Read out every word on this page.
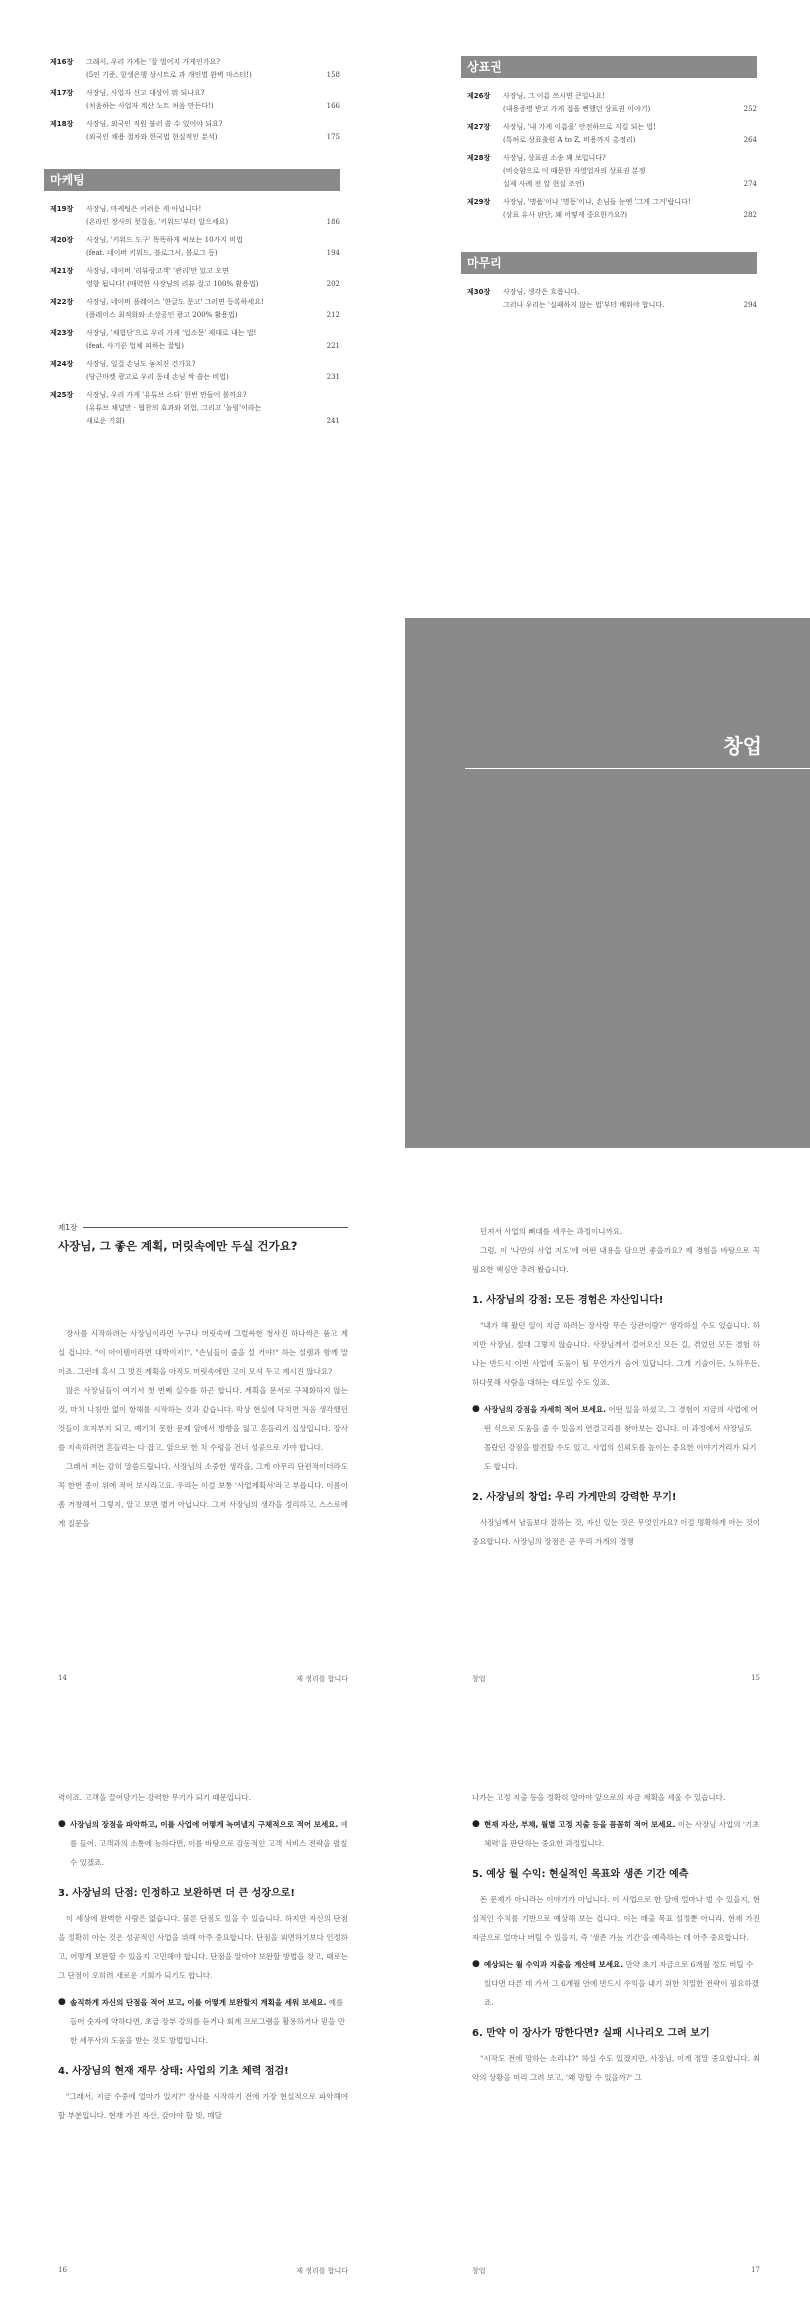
제16장	그래서, 우리 가게는 '잘 벌어지 가게인가요?
(5인 기준, 항생은행 상시트로 과 개인별 완벽 마스터!)	158
제17장	사장님, 사업자 신고 대상이 뭐 되나요?
(처음하는 사업자 계산 노트 처음 만든다!)	166
제18장	사장님, 외국인 직원 불러 쓸 수 있어야 되요?
(외국인 채용 절차와 한국법 현실적인 분석)	175
마케팅
제19장	사장님, 마케팅은 어려운 게 아닙니다!
(온라인 장사의 첫걸음, '키워드'부터 알으세요)	186
제20장	사장님, '키워드 도구' 똑똑하게 써보는 10가지 비법
(feat. 네이버 키워드, 블로그서, 블로그 등)	194
제21장	사장님, 네이버 '리뷰랑고객' '관리'만 있고 오면
영향 됩니다! (매력한 사장님의 리뷰 잘고 100% 활용법)	202
제22장	사장님, 네이버 플레이스 '한글도 문고' 그러면 등록하세요!
(플레이스 최적화와 소상공인 광고 200% 활용법)	212
제23장	사장님, '체험단'으로 우리 가게 '입소문' 제대로 내는 법!
(feat. 사기꾼 업체 피하는 꿀팁)	221
제24장	사장님, 일걸 손님도 놓치진 건가요?
(당근마켓 광고로 우리 동네 손님 싹 쓸는 비법)	231
제25장	사장님, 우리 가게 '유튜브 스타' 한번 만들어 볼까요?
(유튜브 채널만 · 협찬의 효과와 위험, 그리고 '놀림'이라는
새로운 기회)	241
상표권
제26장	사장님, 그 이름 쓰시면 큰일나요!
(내용증명 받고 가게 접을 뻔했던 상표권 이야기)	252
제27장	사장님, '내 가게 이름을' 안전하므로 지킬 되는 법!
(특허로 상표출원 A to Z, 비용까지 총정리)	264
제28장	사장님, 상표권 소송 꽤 보입니다?
(비슷함으로 이 때문한 자영업자의 상표권 분쟁
실제 사례 전 알 현실 조언)	274
제29장	사장님, '명품'이나 '명동'이나, 손님들 눈엔 '그게 그거'랍니다!
(상표 유사 판단, 왜 어떻게 중요한가요?)	282
마무리
제30장	사장님, 생각은 흐릅니다.
그러나 우리는 '실패하지 않는 법'부터 배워야 합니다.	294
창업
제1장
사장님, 그 좋은 계획, 머릿속에만 두실 건가요?
장사를 시작하려는 사장님이라면 누구나 머릿속에 그럴싸한 청사진 하나씩은 품고 계실 겁니다. "이 아이템이라면 대박이지!", "손님들이 줄을 설 거야!" 하는 설렘과 함께 말이죠. 그런데 혹시 그 멋진 계획을 아직도 머릿속에만 고이 모셔 두고 계시진 않나요?
많은 사장님들이 여기서 첫 번째 실수를 하곤 합니다. 계획을 문서로 구체화하지 않는 것, 마치 나침반 없이 항해를 시작하는 것과 같습니다. 막상 현실에 닥치면 처음 생각했던 것들이 흐지부지 되고, 예기치 못한 문제 앞에서 방향을 잃고 흔들리기 십상입니다. 장사를 지속하려면 흔들리는 다 잡고, 앞으로 한 치 수렁을 건너 성공으로 가야 합니다.
그래서 저는 감히 말씀드립니다. 사장님의 소중한 생각을, 그게 아무리 단편적이더라도 꼭 한번 종이 위에 적어 보시라고요. 우리는 이걸 보통 '사업계획서'라고 부릅니다. 이름이 좀 거창해서 그렇지, 알고 보면 별거 아닙니다. 그저 사장님의 생각을 정리하고, 스스로에게 질문을
14	제 정리를 합니다
던져서 사업의 뼈대를 세우는 과정이니까요.
그럼, 이 '나만의 사업 지도'에 어떤 내용을 담으면 좋을까요? 제 경험을 바탕으로 꼭 필요한 핵심만 추려 봤습니다.
1. 사장님의 강점: 모든 경험은 자산입니다!
"내가 해 왔던 일이 지금 하려는 장사랑 무슨 상관이람?" 생각하실 수도 있습니다. 하지만 사장님, 절대 그렇지 않습니다. 사장님께서 걸어오신 모든 길, 겪었던 모든 경험 하나는 반드시 이번 사업에 도움이 될 무언가가 숨어 있답니다. 그게 기술이든, 노하우든, 하다못해 사람을 대하는 태도일 수도 있죠.
● 사장님의 강점을 자세히 적어 보세요. 어떤 일을 하셨고, 그 경험이 지금의 사업에 어떤 식으로 도움을 줄 수 있을지 연결고리를 찾아보는 겁니다. 이 과정에서 사장님도 몰랐던 강점을 발견할 수도 있고, 사업의 신뢰도를 높이는 중요한 이야기거리가 되기도 합니다.
2. 사장님의 창업: 우리 가게만의 강력한 무기!
사장님께서 남들보다 잘하는 것, 자신 있는 것은 무엇인가요? 이걸 명확하게 아는 것이 중요합니다. 사장님의 장점은 곧 우리 가게의 경쟁
창업	15
력이죠. 고객을 끌어당기는 강력한 무기가 되기 때문입니다.
● 사장님의 장점을 파악하고, 이를 사업에 어떻게 녹여낼지 구체적으로 적어 보세요. 예를 들어, 고객과의 소통에 능하다면, 이를 바탕으로 감동적인 고객 서비스 전략을 펼칠 수 있겠죠.
3. 사장님의 단점: 인정하고 보완하면 더 큰 성장으로!
이 세상에 완벽한 사람은 없습니다. 물론 단점도 있을 수 있습니다. 하지만 자신의 단점을 정확히 아는 것은 성공적인 사업을 위해 아주 중요합니다. 단점을 외면하기보다 인정하고, 어떻게 보완할 수 있을지 고민해야 합니다. 단점을 알아야 보완할 방법을 찾고, 때로는 그 단점이 오히려 새로운 기회가 되기도 합니다.
● 솔직하게 자신의 단점을 적어 보고, 이를 어떻게 보완할지 계획을 세워 보세요. 예를 들어 숫자에 약하다면, 초급 장부 강의를 듣거나 회계 프로그램을 활용하거나 믿을 만한 세무사의 도움을 받는 것도 방법입니다.
4. 사장님의 현재 재무 상태: 사업의 기초 체력 점검!
"그래서, 지금 수중에 얼마가 있지?" 장사를 시작하기 전에 가장 현실적으로 파악해야 할 부분입니다. 현재 가진 자산, 갚아야 할 빚, 매달
16	제 정리를 합니다
나가는 고정 지출 등을 정확히 알아야 앞으로의 자금 계획을 세울 수 있습니다.
● 현재 자산, 부채, 월별 고정 지출 등을 꼼꼼히 적어 보세요. 이는 사장님 사업의 '기초 체력'을 판단하는 중요한 과정입니다.
5. 예상 월 수익: 현실적인 목표와 생존 기간 예측
돈 문제가 아니라는 이야기가 아닙니다. 이 사업으로 한 달에 얼마나 벌 수 있을지, 현실적인 수치를 기반으로 예상해 보는 겁니다. 이는 매출 목표 설정뿐 아니라, 현재 가진 자금으로 얼마나 버틸 수 있을지, 즉 '생존 가능 기간'을 예측하는 데 아주 중요합니다.
● 예상되는 월 수익과 지출을 계산해 보세요. 만약 초기 자금으로 6개월 정도 버틸 수 있다면 다른 데 가서 그 6개월 안에 반드시 수익을 내기 위한 치밀한 전략이 필요하겠죠.
6. 만약 이 장사가 망한다면? 실패 시나리오 그려 보기
"시작도 전에 망하는 소리냐?" 하실 수도 있겠지만, 사장님, 이게 정말 중요합니다. 최악의 상황을 미리 그려 보고, '왜 망할 수 있을까?' 그
창업	17
